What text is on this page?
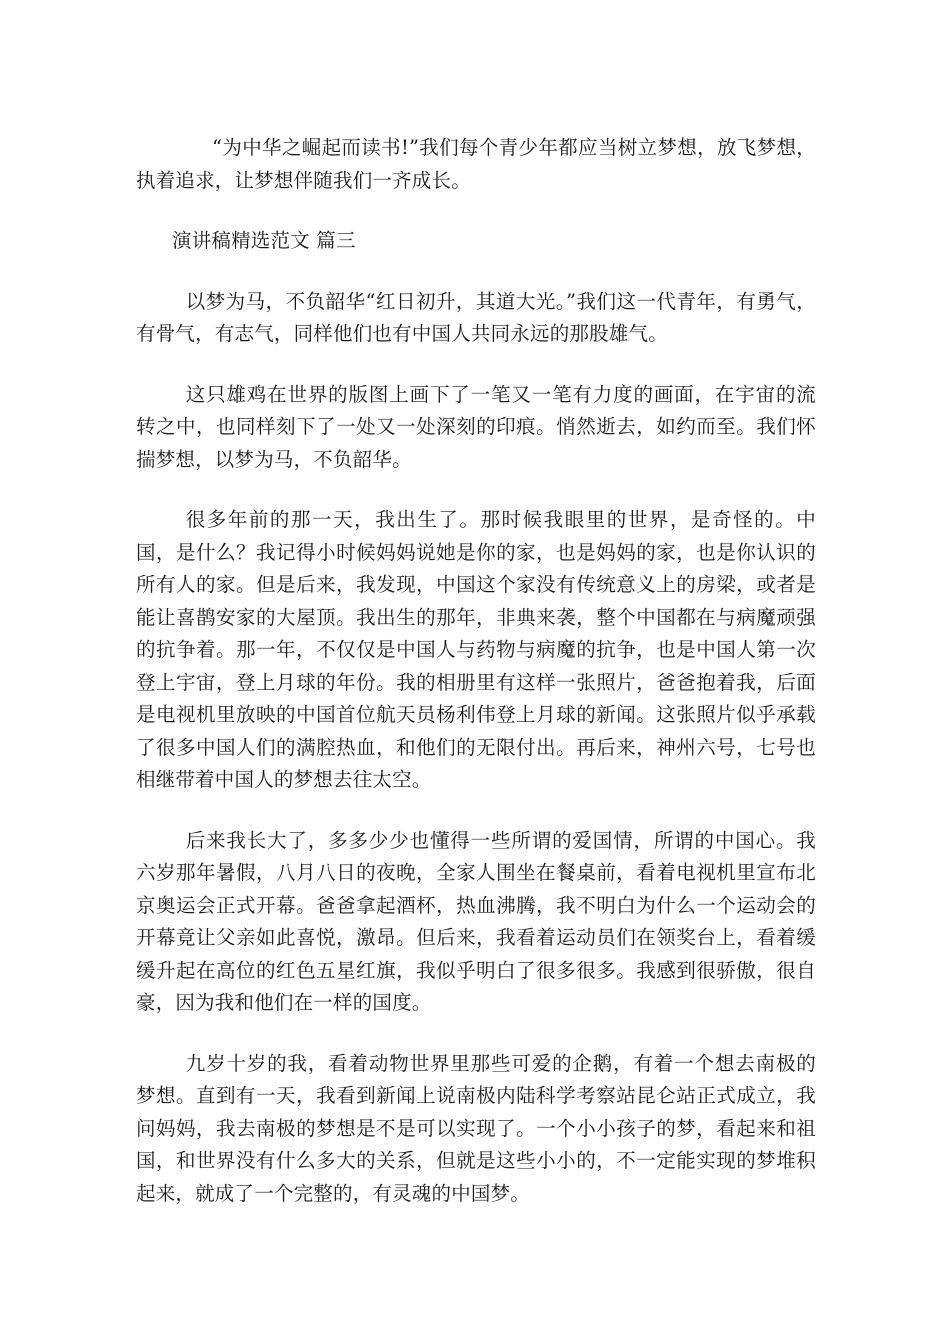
“为中华之崛起而读书!”我们每个青少年都应当树立梦想，放飞梦想，执着追求，让梦想伴随我们一齐成长。

演讲稿精选范文 篇三

以梦为马，不负韶华“红日初升，其道大光。”我们这一代青年，有勇气，有骨气，有志气，同样他们也有中国人共同永远的那股雄气。

这只雄鸡在世界的版图上画下了一笔又一笔有力度的画面，在宇宙的流转之中，也同样刻下了一处又一处深刻的印痕。悄然逝去，如约而至。我们怀揣梦想，以梦为马，不负韶华。

很多年前的那一天，我出生了。那时候我眼里的世界，是奇怪的。中国，是什么？我记得小时候妈妈说她是你的家，也是妈妈的家，也是你认识的所有人的家。但是后来，我发现，中国这个家没有传统意义上的房梁，或者是能让喜鹊安家的大屋顶。我出生的那年，非典来袭，整个中国都在与病魔顽强的抗争着。那一年，不仅仅是中国人与药物与病魔的抗争，也是中国人第一次登上宇宙，登上月球的年份。我的相册里有这样一张照片，爸爸抱着我，后面是电视机里放映的中国首位航天员杨利伟登上月球的新闻。这张照片似乎承载了很多中国人们的满腔热血，和他们的无限付出。再后来，神州六号，七号也相继带着中国人的梦想去往太空。

后来我长大了，多多少少也懂得一些所谓的爱国情，所谓的中国心。我六岁那年暑假，八月八日的夜晚，全家人围坐在餐桌前，看着电视机里宣布北京奥运会正式开幕。爸爸拿起酒杯，热血沸腾，我不明白为什么一个运动会的开幕竟让父亲如此喜悦，激昂。但后来，我看着运动员们在领奖台上，看着缓缓升起在高位的红色五星红旗，我似乎明白了很多很多。我感到很骄傲，很自豪，因为我和他们在一样的国度。

九岁十岁的我，看着动物世界里那些可爱的企鹅，有着一个想去南极的梦想。直到有一天，我看到新闻上说南极内陆科学考察站昆仑站正式成立，我问妈妈，我去南极的梦想是不是可以实现了。一个小小孩子的梦，看起来和祖国，和世界没有什么多大的关系，但就是这些小小的，不一定能实现的梦堆积起来，就成了一个完整的，有灵魂的中国梦。
